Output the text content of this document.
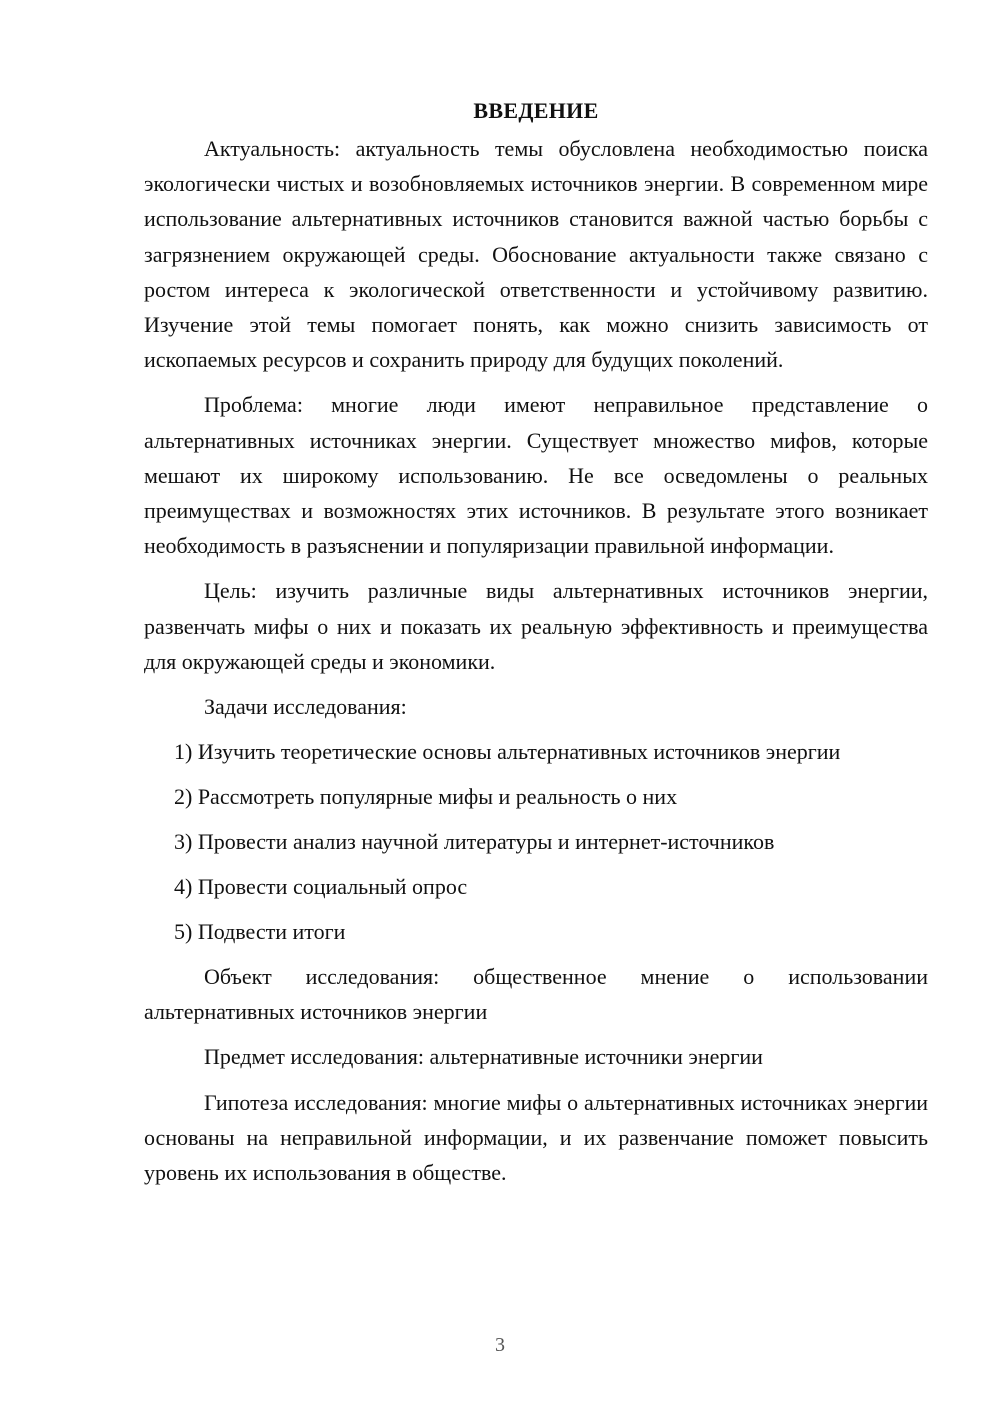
ВВЕДЕНИЕ

Актуальность: актуальность темы обусловлена необходимостью поиска экологически чистых и возобновляемых источников энергии. В современном мире использование альтернативных источников становится важной частью борьбы с загрязнением окружающей среды. Обоснование актуальности также связано с ростом интереса к экологической ответственности и устойчивому развитию. Изучение этой темы помогает понять, как можно снизить зависимость от ископаемых ресурсов и сохранить природу для будущих поколений.

Проблема: многие люди имеют неправильное представление о альтернативных источниках энергии. Существует множество мифов, которые мешают их широкому использованию. Не все осведомлены о реальных преимуществах и возможностях этих источников. В результате этого возникает необходимость в разъяснении и популяризации правильной информации.

Цель: изучить различные виды альтернативных источников энергии, развенчать мифы о них и показать их реальную эффективность и преимущества для окружающей среды и экономики.

Задачи исследования:
1) Изучить теоретические основы альтернативных источников энергии
2) Рассмотреть популярные мифы и реальность о них
3) Провести анализ научной литературы и интернет-источников
4) Провести социальный опрос
5) Подвести итоги

Объект исследования: общественное мнение о использовании альтернативных источников энергии

Предмет исследования: альтернативные источники энергии

Гипотеза исследования: многие мифы о альтернативных источниках энергии основаны на неправильной информации, и их развенчание поможет повысить уровень их использования в обществе.

3
